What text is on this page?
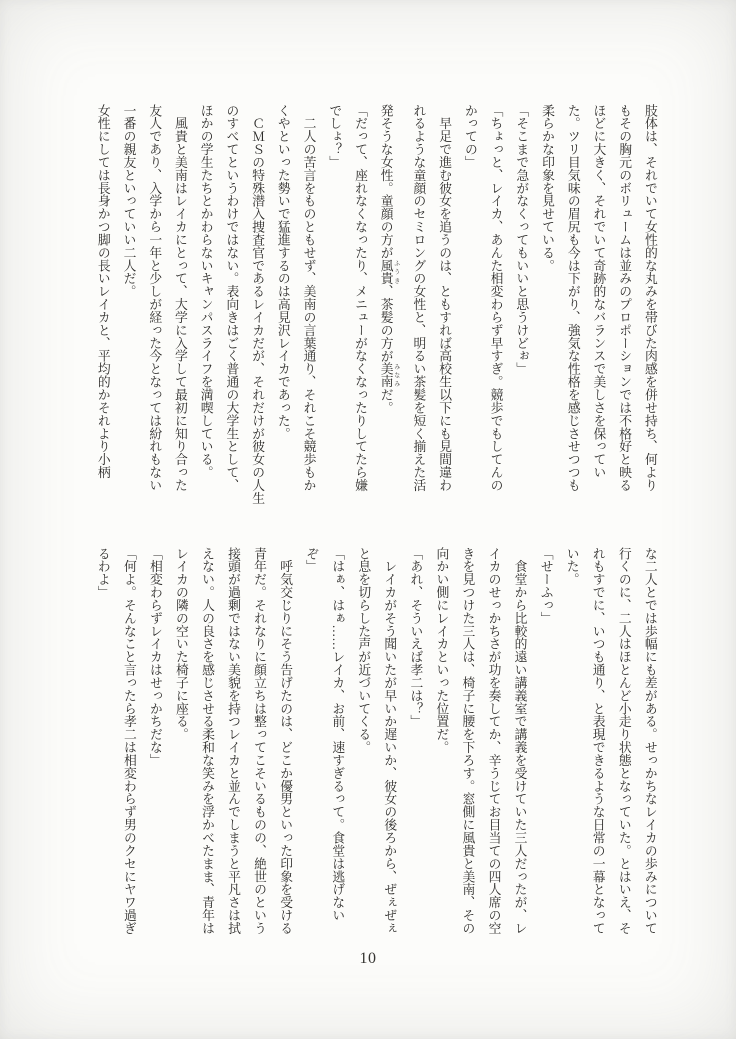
肢体は、それでいて女性的な丸みを帯びた肉感を併せ持ち、何より
もその胸元のボリュームは並みのプロポーションでは不格好と映る
ほどに大きく、それでいて奇跡的なバランスで美しさを保ってい
た。ツリ目気味の眉尻も今は下がり、強気な性格を感じさせつつも
柔らかな印象を見せている。
「そこまで急がなくってもいいと思うけどぉ」
「ちょっと、レイカ、あんた相変わらず早すぎ。競歩でもしてんの
かっての」
　早足で進む彼女を追うのは、ともすれば高校生以下にも見間違わ
れるような童顔のセミロングの女性と、明るい茶髪を短く揃えた活
発そうな女性。童顔の方が風貴 ふうき、茶髪の方が美南 みなみだ。
「だって、座れなくなったり、メニューがなくなったりしてたら嫌
でしょ？」
　二人の苦言をものともせず、美南の言葉通り、それこそ競歩もか
くやといった勢いで猛進するのは高見沢レイカであった。
　ＣＭＳの特殊潜入捜査官であるレイカだが、それだけが彼女の人生
のすべてというわけではない。表向きはごく普通の大学生として、
ほかの学生たちとかわらないキャンパスライフを満喫している。
　風貴と美南はレイカにとって、大学に入学して最初に知り合った
友人であり、入学から一年と少しが経った今となっては紛れもない
一番の親友といっていい二人だ。
女性にしては長身かつ脚の長いレイカと、平均的かそれより小柄
な二人とでは歩幅にも差がある。せっかちなレイカの歩みについて
行くのに、二人はほとんど小走り状態となっていた。とはいえ、そ
れもすでに、いつも通り、と表現できるような日常の一幕となって
いた。
「せーふっ」
　食堂から比較的遠い講義室で講義を受けていた三人だったが、レ
イカのせっかちさが功を奏してか、辛うじてお目当ての四人席の空
きを見つけた三人は、椅子に腰を下ろす。窓側に風貴と美南、その
向かい側にレイカといった位置だ。
「あれ、そういえば孝二は？」
　レイカがそう聞いたが早いか遅いか、彼女の後ろから、ぜぇぜぇ
と息を切らした声が近づいてくる。
「はぁ、はぁ……レイカ、お前、速すぎるって。食堂は逃げない
ぞ」
　呼気交じりにそう告げたのは、どこか優男といった印象を受ける
青年だ。それなりに顔立ちは整ってこそいるものの、絶世のという
接頭が過剰ではない美貌を持つレイカと並んでしまうと平凡さは拭
えない。人の良さを感じさせる柔和な笑みを浮かべたまま、青年は
レイカの隣の空いた椅子に座る。
「相変わらずレイカはせっかちだな」
「何よ。そんなこと言ったら孝二は相変わらず男のクセにヤワ過ぎ
るわよ」
10
